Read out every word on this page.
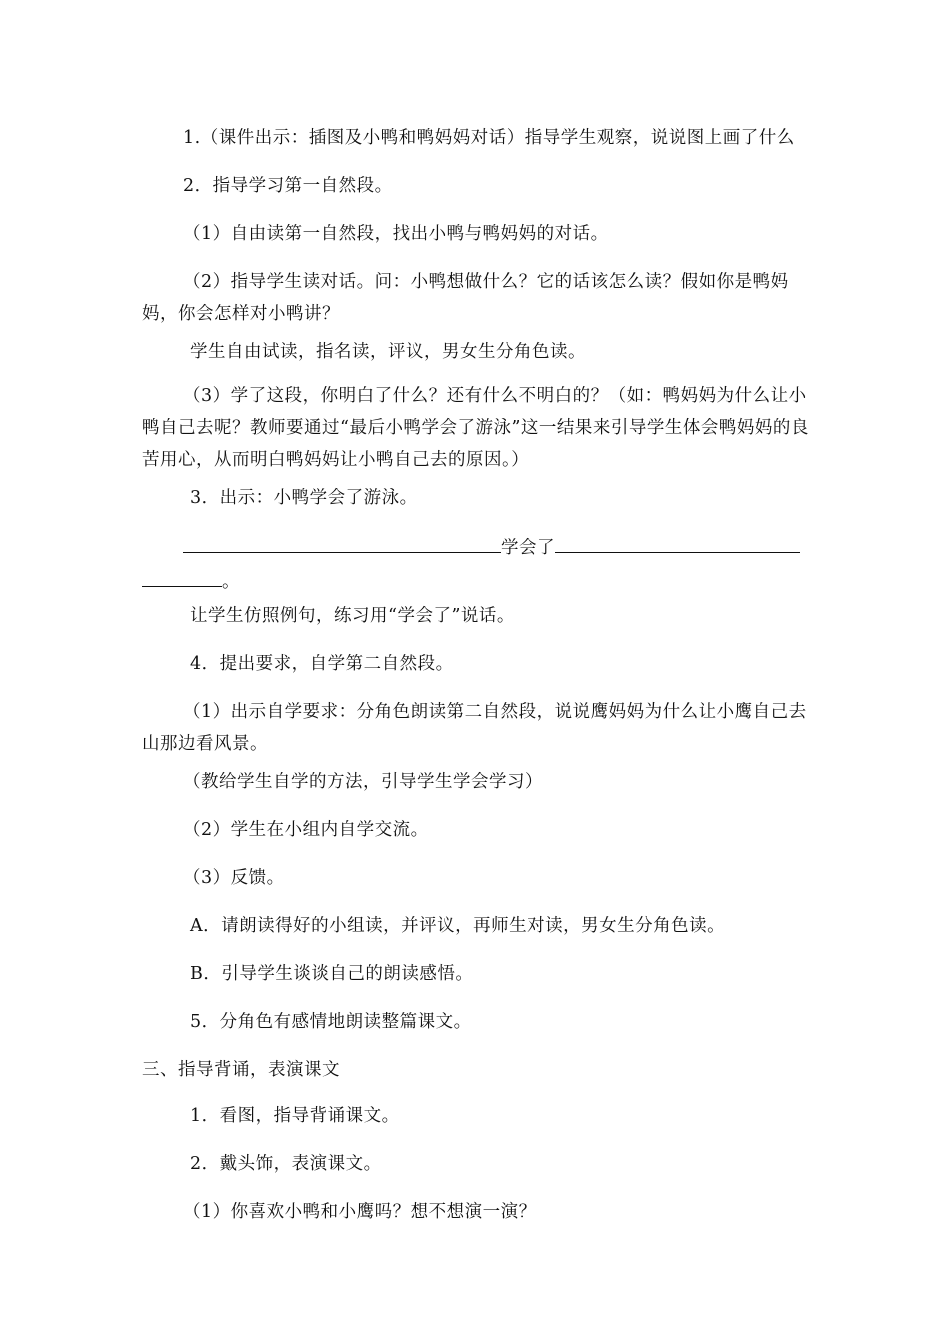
1.（课件出示：插图及小鸭和鸭妈妈对话）指导学生观察，说说图上画了什么

2．指导学习第一自然段。

（1）自由读第一自然段，找出小鸭与鸭妈妈的对话。

（2）指导学生读对话。问：小鸭想做什么？它的话该怎么读？假如你是鸭妈妈，你会怎样对小鸭讲？

学生自由试读，指名读，评议，男女生分角色读。

（3）学了这段，你明白了什么？还有什么不明白的？（如：鸭妈妈为什么让小鸭自己去呢？教师要通过“最后小鸭学会了游泳”这一结果来引导学生体会鸭妈妈的良苦用心，从而明白鸭妈妈让小鸭自己去的原因。）

3．出示：小鸭学会了游泳。

学会了
。

让学生仿照例句，练习用“学会了”说话。

4．提出要求，自学第二自然段。

（1）出示自学要求：分角色朗读第二自然段，说说鹰妈妈为什么让小鹰自己去山那边看风景。

（教给学生自学的方法，引导学生学会学习）

（2）学生在小组内自学交流。

（3）反馈。

A．请朗读得好的小组读，并评议，再师生对读，男女生分角色读。

B．引导学生谈谈自己的朗读感悟。

5．分角色有感情地朗读整篇课文。

三、指导背诵，表演课文

1．看图，指导背诵课文。

2．戴头饰，表演课文。

（1）你喜欢小鸭和小鹰吗？想不想演一演？
